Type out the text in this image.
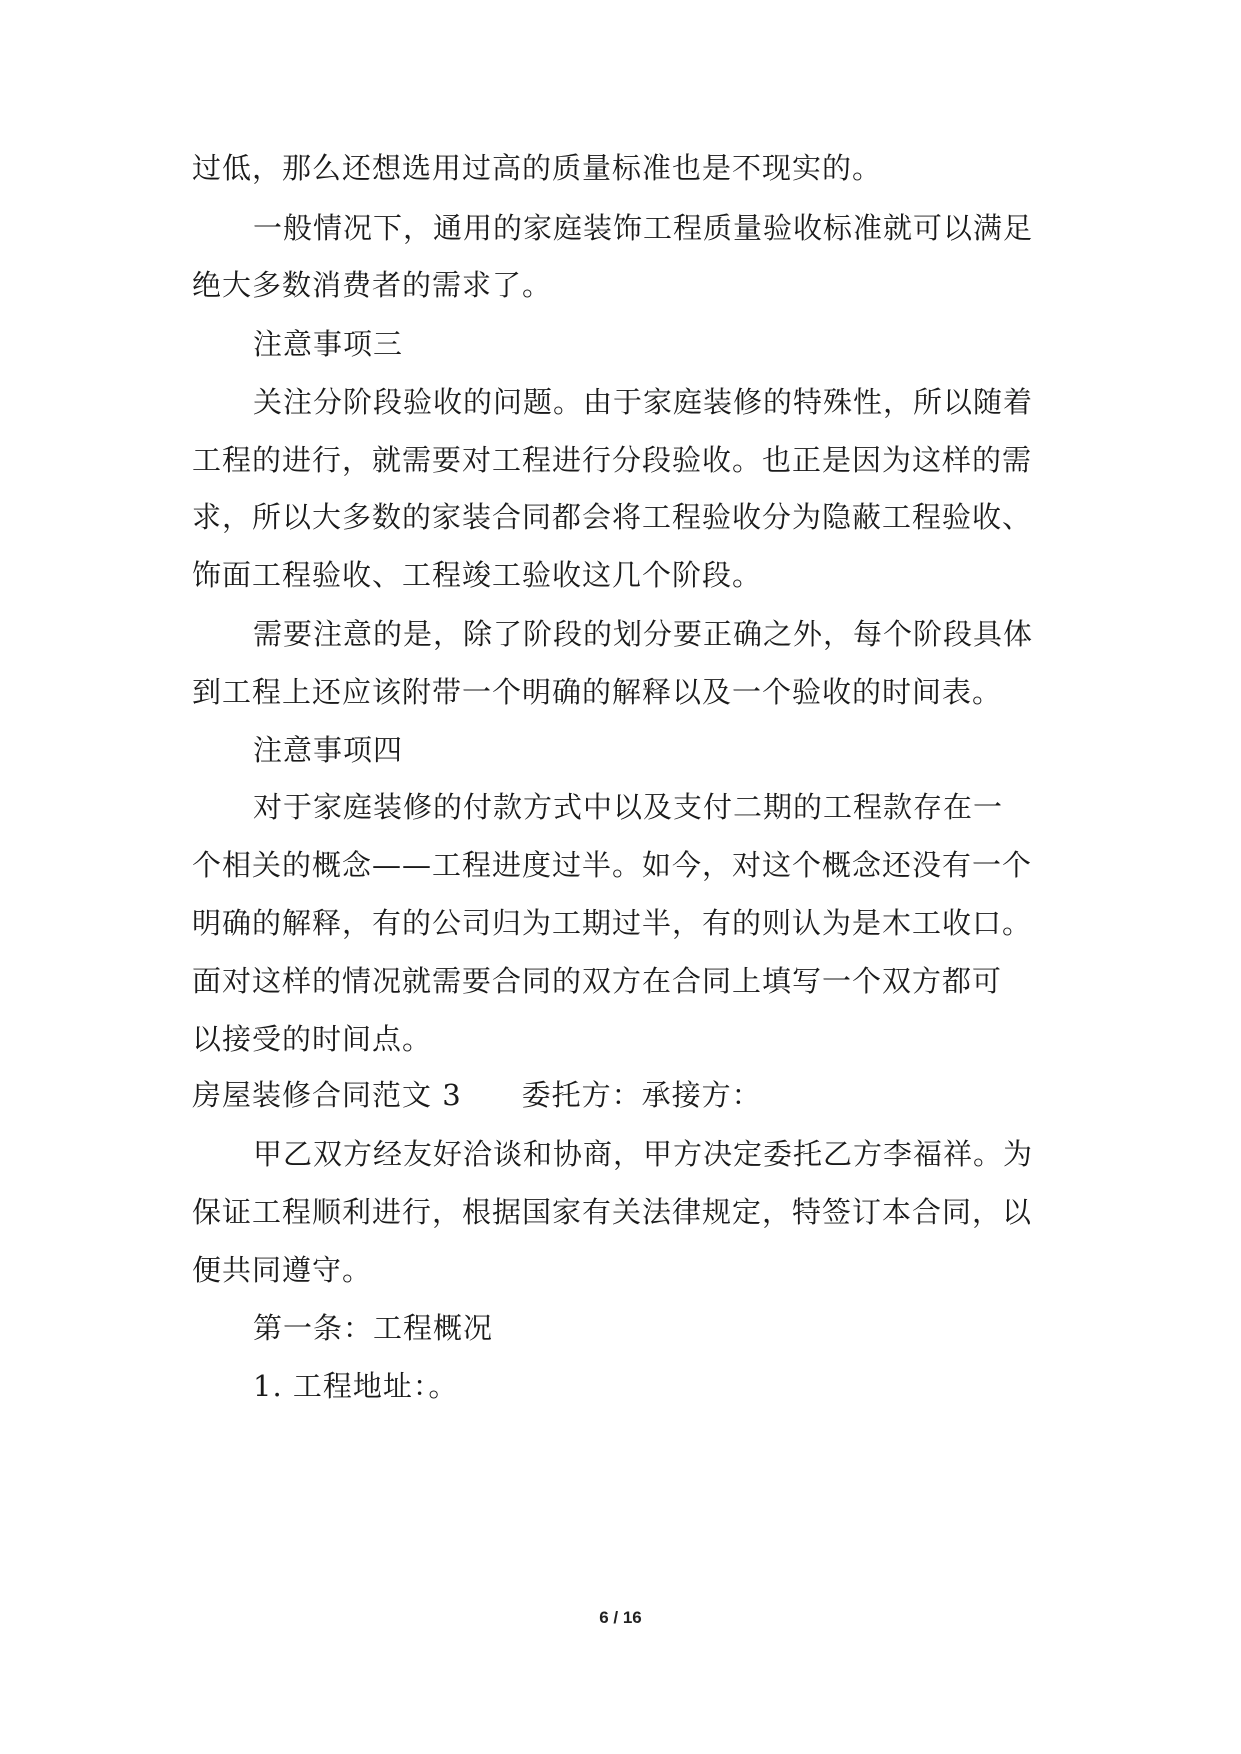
过低，那么还想选用过高的质量标准也是不现实的。
一般情况下，通用的家庭装饰工程质量验收标准就可以满足
绝大多数消费者的需求了。
注意事项三
关注分阶段验收的问题。由于家庭装修的特殊性，所以随着
工程的进行，就需要对工程进行分段验收。也正是因为这样的需
求，所以大多数的家装合同都会将工程验收分为隐蔽工程验收、
饰面工程验收、工程竣工验收这几个阶段。
需要注意的是，除了阶段的划分要正确之外，每个阶段具体
到工程上还应该附带一个明确的解释以及一个验收的时间表。
注意事项四
对于家庭装修的付款方式中以及支付二期的工程款存在一
个相关的概念——工程进度过半。如今，对这个概念还没有一个
明确的解释，有的公司归为工期过半，有的则认为是木工收口。
面对这样的情况就需要合同的双方在合同上填写一个双方都可
以接受的时间点。
房屋装修合同范文 3 委托方：承接方：
甲乙双方经友好洽谈和协商，甲方决定委托乙方李福祥。为
保证工程顺利进行，根据国家有关法律规定，特签订本合同，以
便共同遵守。
第一条：工程概况
1. 工程地址：。
6 / 16
